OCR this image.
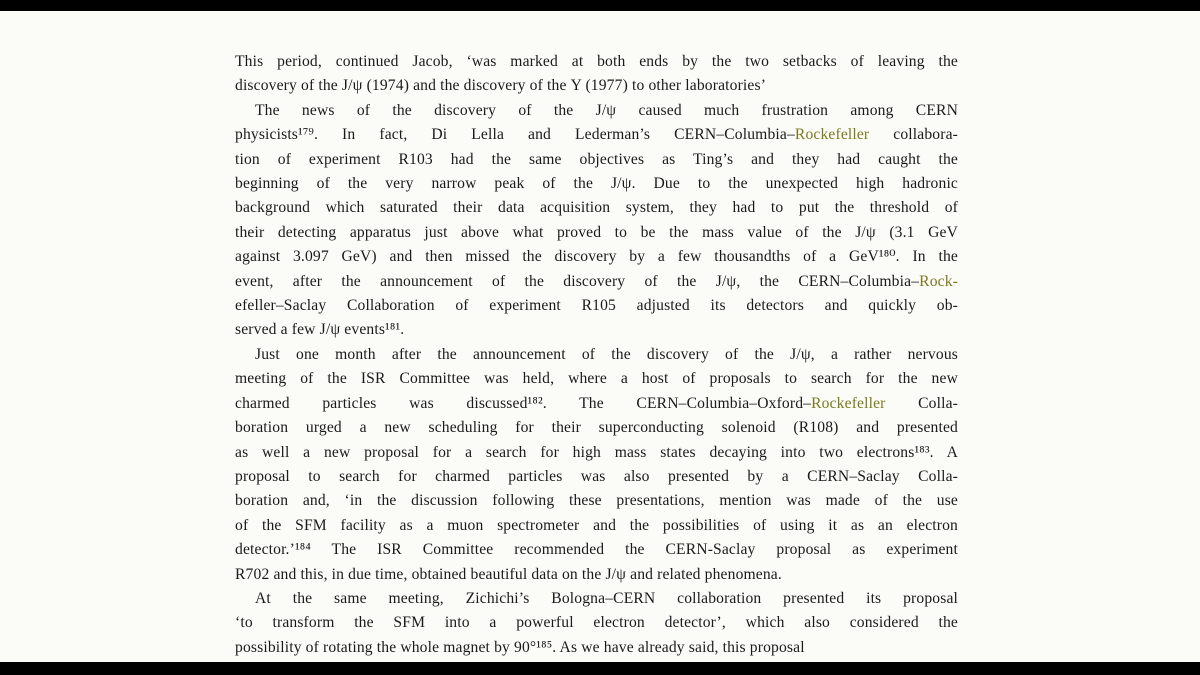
This period, continued Jacob, ‘was marked at both ends by the two setbacks of leaving the
discovery of the J/ψ (1974) and the discovery of the Υ (1977) to other laboratories’

The news of the discovery of the J/ψ caused much frustration among CERN
physicists¹⁷⁹. In fact, Di Lella and Lederman’s CERN–Columbia–Rockefeller collabora-
tion of experiment R103 had the same objectives as Ting’s and they had caught the
beginning of the very narrow peak of the J/ψ. Due to the unexpected high hadronic
background which saturated their data acquisition system, they had to put the threshold of
their detecting apparatus just above what proved to be the mass value of the J/ψ (3.1 GeV
against 3.097 GeV) and then missed the discovery by a few thousandths of a GeV¹⁸⁰. In the
event, after the announcement of the discovery of the J/ψ, the CERN–Columbia–Rock-
efeller–Saclay Collaboration of experiment R105 adjusted its detectors and quickly ob-
served a few J/ψ events¹⁸¹.

Just one month after the announcement of the discovery of the J/ψ, a rather nervous
meeting of the ISR Committee was held, where a host of proposals to search for the new
charmed particles was discussed¹⁸². The CERN–Columbia–Oxford–Rockefeller Colla-
boration urged a new scheduling for their superconducting solenoid (R108) and presented
as well a new proposal for a search for high mass states decaying into two electrons¹⁸³. A
proposal to search for charmed particles was also presented by a CERN–Saclay Colla-
boration and, ‘in the discussion following these presentations, mention was made of the use
of the SFM facility as a muon spectrometer and the possibilities of using it as an electron
detector.’¹⁸⁴ The ISR Committee recommended the CERN-Saclay proposal as experiment
R702 and this, in due time, obtained beautiful data on the J/ψ and related phenomena.

At the same meeting, Zichichi’s Bologna–CERN collaboration presented its proposal
‘to transform the SFM into a powerful electron detector’, which also considered the
possibility of rotating the whole magnet by 90°¹⁸⁵. As we have already said, this proposal
